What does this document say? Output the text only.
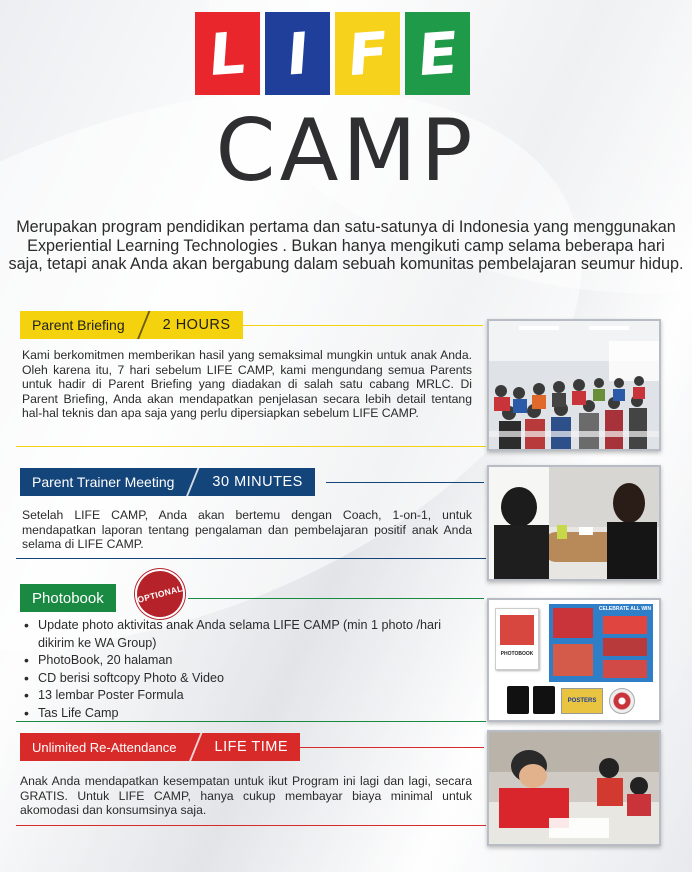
L I F E
CAMP

Merupakan program pendidikan pertama dan satu-satunya di Indonesia yang menggunakan Experiential Learning Technologies . Bukan hanya mengikuti camp selama beberapa hari saja, tetapi anak Anda akan bergabung dalam sebuah komunitas pembelajaran seumur hidup.

Parent Briefing	2 HOURS

Kami berkomitmen memberikan hasil yang semaksimal mungkin untuk anak Anda. Oleh karena itu, 7 hari sebelum LIFE CAMP, kami mengundang semua Parents untuk hadir di Parent Briefing yang diadakan di salah satu cabang MRLC. Di Parent Briefing, Anda akan mendapatkan penjelasan secara lebih detail tentang hal-hal teknis dan apa saja yang perlu dipersiapkan sebelum LIFE CAMP.

Parent Trainer Meeting	30 MINUTES

Setelah LIFE CAMP, Anda akan bertemu dengan Coach, 1-on-1, untuk mendapatkan laporan tentang pengalaman dan pembelajaran positif anak Anda selama di LIFE CAMP.

Photobook	OPTIONAL
• Update photo aktivitas anak Anda selama LIFE CAMP (min 1 photo /hari dikirim ke WA Group)
• PhotoBook, 20 halaman
• CD berisi softcopy Photo & Video
• 13 lembar Poster Formula
• Tas Life Camp
PHOTOBOOK
CELEBRATE ALL WIN
POSTERS
Unlimited Re-Attendance	LIFE TIME

Anak Anda mendapatkan kesempatan untuk ikut Program ini lagi dan lagi, secara GRATIS. Untuk LIFE CAMP, hanya cukup membayar biaya minimal untuk akomodasi dan konsumsinya saja.
